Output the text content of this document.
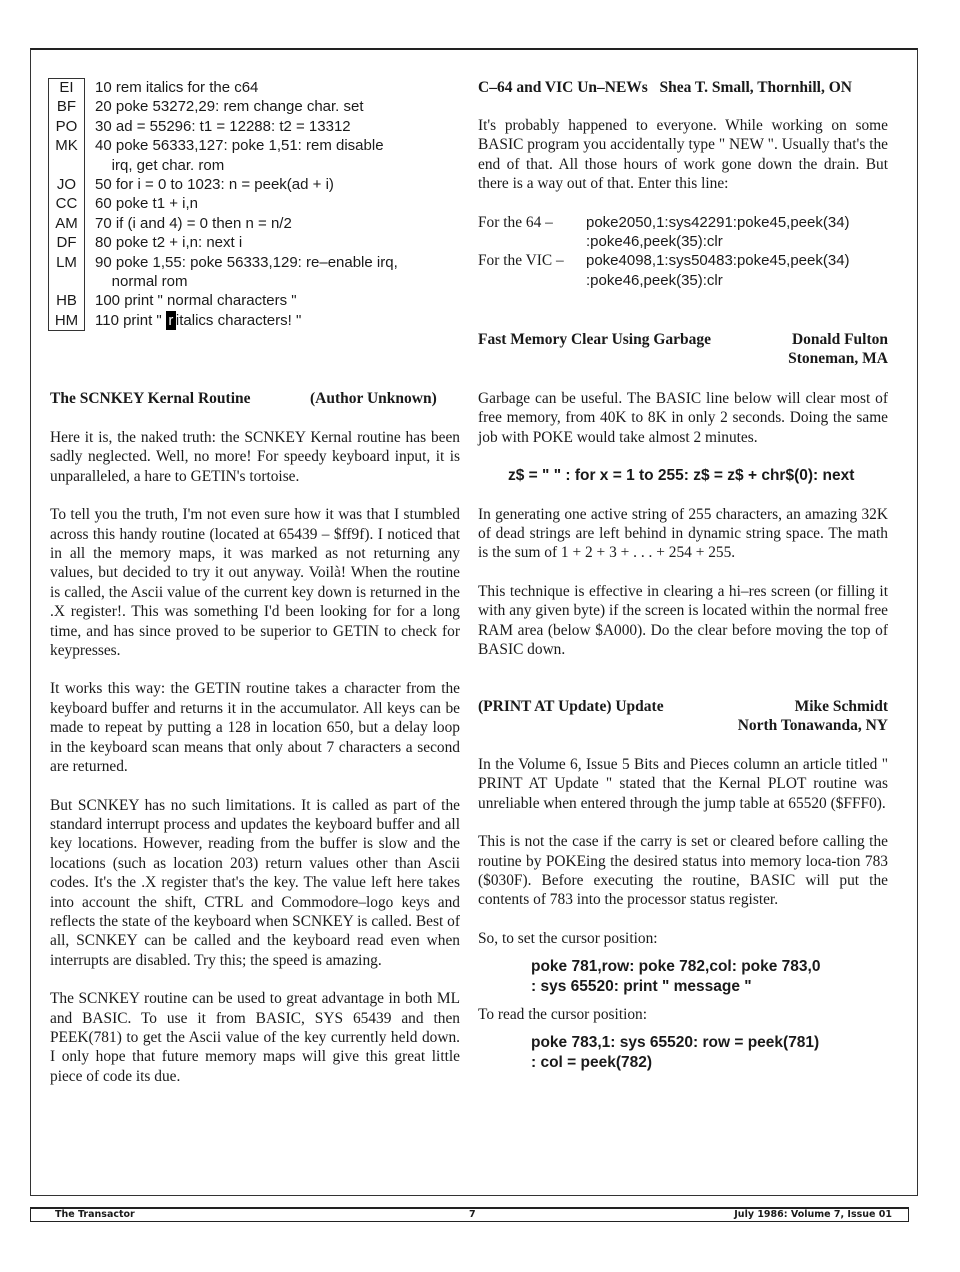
EI	10 rem italics for the c64
BF	20 poke 53272,29: rem change char. set
PO	30 ad = 55296: t1 = 12288: t2 = 13312
MK	40 poke 56333,127: poke 1,51: rem disable
irq, get char. rom
JO	50 for i = 0 to 1023: n = peek(ad + i)
CC	60 poke t1 + i,n
AM	70 if (i and 4) = 0 then n = n/2
DF	80 poke t2 + i,n: next i
LM	90 poke 1,55: poke 56333,129: re–enable irq,
normal rom
HB	100 print " normal characters "
HM	110 print " r italics characters! "
The SCNKEY Kernal Routine	(Author Unknown)

Here it is, the naked truth: the SCNKEY Kernal routine has been sadly neglected. Well, no more! For speedy keyboard input, it is unparalleled, a hare to GETIN's tortoise.

To tell you the truth, I'm not even sure how it was that I stumbled across this handy routine (located at 65439 – $ff9f). I noticed that in all the memory maps, it was marked as not returning any values, but decided to try it out anyway. Voilà! When the routine is called, the Ascii value of the current key down is returned in the .X register!. This was something I'd been looking for for a long time, and has since proved to be superior to GETIN to check for keypresses.

It works this way: the GETIN routine takes a character from the keyboard buffer and returns it in the accumulator. All keys can be made to repeat by putting a 128 in location 650, but a delay loop in the keyboard scan means that only about 7 characters a second are returned.

But SCNKEY has no such limitations. It is called as part of the standard interrupt process and updates the keyboard buffer and all key locations. However, reading from the buffer is slow and the locations (such as location 203) return values other than Ascii codes. It's the .X register that's the key. The value left here takes into account the shift, CTRL and Commodore–logo keys and reflects the state of the keyboard when SCNKEY is called. Best of all, SCNKEY can be called and the keyboard read even when interrupts are disabled. Try this; the speed is amazing.

The SCNKEY routine can be used to great advantage in both ML and BASIC. To use it from BASIC, SYS 65439 and then PEEK(781) to get the Ascii value of the key currently held down. I only hope that future memory maps will give this great little piece of code its due.

C–64 and VIC Un–NEWs Shea T. Small, Thornhill, ON

It's probably happened to everyone. While working on some BASIC program you accidentally type " NEW ". Usually that's the end of that. All those hours of work gone down the drain. But there is a way out of that. Enter this line:

For the 64 –	poke2050,1:sys42291:poke45,peek(34)
:poke46,peek(35):clr
For the VIC –	poke4098,1:sys50483:poke45,peek(34)
:poke46,peek(35):clr
Fast Memory Clear Using Garbage	Donald Fulton
Stoneman, MA

Garbage can be useful. The BASIC line below will clear most of free memory, from 40K to 8K in only 2 seconds. Doing the same job with POKE would take almost 2 minutes.

z$ = " " : for x = 1 to 255: z$ = z$ + chr$(0): next

In generating one active string of 255 characters, an amazing 32K of dead strings are left behind in dynamic string space. The math is the sum of 1 + 2 + 3 + . . . + 254 + 255.

This technique is effective in clearing a hi–res screen (or filling it with any given byte) if the screen is located within the normal free RAM area (below $A000). Do the clear before moving the top of BASIC down.

(PRINT AT Update) Update	Mike Schmidt
North Tonawanda, NY

In the Volume 6, Issue 5 Bits and Pieces column an article titled " PRINT AT Update " stated that the Kernal PLOT routine was unreliable when entered through the jump table at 65520 ($FFF0).

This is not the case if the carry is set or cleared before calling the routine by POKEing the desired status into memory loca-tion 783 ($030F). Before executing the routine, BASIC will put the contents of 783 into the processor status register.

So, to set the cursor position:

poke 781,row: poke 782,col: poke 783,0
: sys 65520: print " message "

To read the cursor position:

poke 783,1: sys 65520: row = peek(781)
: col = peek(782)
The Transactor	7	July 1986: Volume 7, Issue 01
